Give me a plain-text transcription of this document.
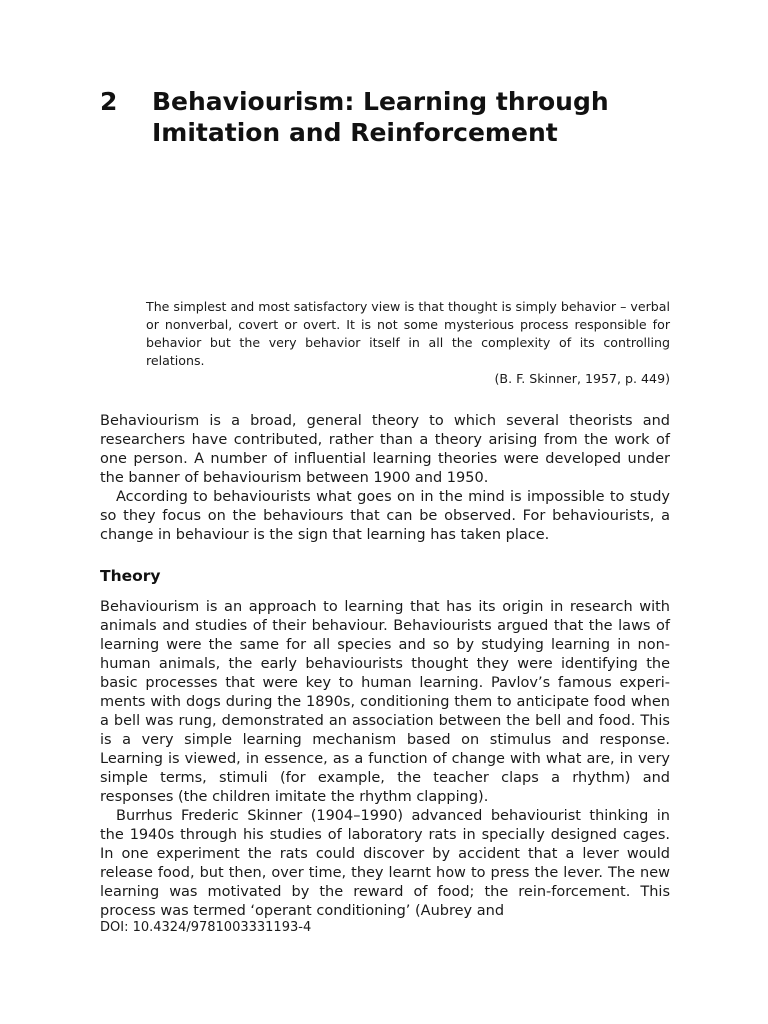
2 Behaviourism: Learning through Imitation and Reinforcement

The simplest and most satisfactory view is that thought is simply behavior – verbal or nonverbal, covert or overt. It is not some mysterious process responsible for behavior but the very behavior itself in all the complexity of its controlling relations.

(B. F. Skinner, 1957, p. 449)

Behaviourism is a broad, general theory to which several theorists and researchers have contributed, rather than a theory arising from the work of one person. A number of influential learning theories were developed under the banner of behaviourism between 1900 and 1950.

According to behaviourists what goes on in the mind is impossible to study so they focus on the behaviours that can be observed. For behaviourists, a change in behaviour is the sign that learning has taken place.

Theory

Behaviourism is an approach to learning that has its origin in research with animals and studies of their behaviour. Behaviourists argued that the laws of learning were the same for all species and so by studying learning in non-human animals, the early behaviourists thought they were identifying the basic processes that were key to human learning. Pavlov’s famous experi-ments with dogs during the 1890s, conditioning them to anticipate food when a bell was rung, demonstrated an association between the bell and food. This is a very simple learning mechanism based on stimulus and response. Learning is viewed, in essence, as a function of change with what are, in very simple terms, stimuli (for example, the teacher claps a rhythm) and responses (the children imitate the rhythm clapping).

Burrhus Frederic Skinner (1904–1990) advanced behaviourist thinking in the 1940s through his studies of laboratory rats in specially designed cages. In one experiment the rats could discover by accident that a lever would release food, but then, over time, they learnt how to press the lever. The new learning was motivated by the reward of food; the rein-forcement. This process was termed ‘operant conditioning’ (Aubrey and

DOI: 10.4324/9781003331193-4
